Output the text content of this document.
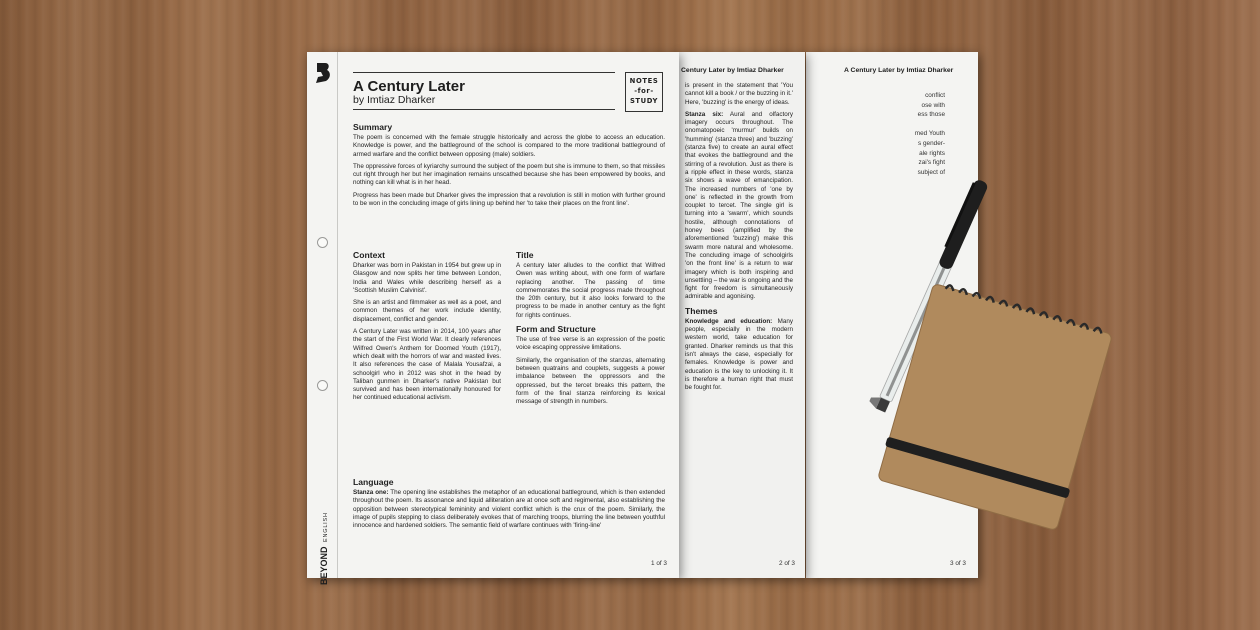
A Century Later by Imtiaz Dharker
conflict
ose with
ess those
med Youth
s gender-
ale rights
zai's fight
subject of
3 of 3
Century Later by Imtiaz Dharker

is present in the statement that 'You cannot kill a book / or the buzzing in it.' Here, 'buzzing' is the energy of ideas.

Stanza six: Aural and olfactory imagery occurs throughout. The onomatopoeic 'murmur' builds on 'humming' (stanza three) and 'buzzing' (stanza five) to create an aural effect that evokes the battleground and the stirring of a revolution. Just as there is a ripple effect in these words, stanza six shows a wave of emancipation. The increased numbers of 'one by one' is reflected in the growth from couplet to tercet. The single girl is turning into a 'swarm', which sounds hostile, although connotations of honey bees (amplified by the aforementioned 'buzzing') make this swarm more natural and wholesome. The concluding image of schoolgirls 'on the front line' is a return to war imagery which is both inspiring and unsettling – the war is ongoing and the fight for freedom is simultaneously admirable and agonising.

Themes

Knowledge and education: Many people, especially in the modern western world, take education for granted. Dharker reminds us that this isn't always the case, especially for females. Knowledge is power and education is the key to unlocking it. It is therefore a human right that must be fought for.

2 of 3
BEYOND
ENGLISH
A Century Later
by Imtiaz Dharker
NOTES
-for-
STUDY
Summary

The poem is concerned with the female struggle historically and across the globe to access an education. Knowledge is power, and the battleground of the school is compared to the more traditional battleground of armed warfare and the conflict between opposing (male) soldiers.

The oppressive forces of kyriarchy surround the subject of the poem but she is immune to them, so that missiles cut right through her but her imagination remains unscathed because she has been empowered by books, and nothing can kill what is in her head.

Progress has been made but Dharker gives the impression that a revolution is still in motion with further ground to be won in the concluding image of girls lining up behind her 'to take their places on the front line'.

Context

Dharker was born in Pakistan in 1954 but grew up in Glasgow and now splits her time between London, India and Wales while describing herself as a 'Scottish Muslim Calvinist'.

She is an artist and filmmaker as well as a poet, and common themes of her work include identity, displacement, conflict and gender.

A Century Later was written in 2014, 100 years after the start of the First World War. It clearly references Wilfred Owen's Anthem for Doomed Youth (1917), which dealt with the horrors of war and wasted lives. It also references the case of Malala Yousafzai, a schoolgirl who in 2012 was shot in the head by Taliban gunmen in Dharker's native Pakistan but survived and has been internationally honoured for her continued educational activism.

Title

A century later alludes to the conflict that Wilfred Owen was writing about, with one form of warfare replacing another. The passing of time commemorates the social progress made throughout the 20th century, but it also looks forward to the progress to be made in another century as the fight for rights continues.

Form and Structure

The use of free verse is an expression of the poetic voice escaping oppressive limitations.

Similarly, the organisation of the stanzas, alternating between quatrains and couplets, suggests a power imbalance between the oppressors and the oppressed, but the tercet breaks this pattern, the form of the final stanza reinforcing its lexical message of strength in numbers.

Language

Stanza one: The opening line establishes the metaphor of an educational battleground, which is then extended throughout the poem. Its assonance and liquid alliteration are at once soft and regimental, also establishing the opposition between stereotypical femininity and violent conflict which is the crux of the poem. Similarly, the image of pupils stepping to class deliberately evokes that of marching troops, blurring the line between youthful innocence and hardened soldiers. The semantic field of warfare continues with 'firing-line'

1 of 3
